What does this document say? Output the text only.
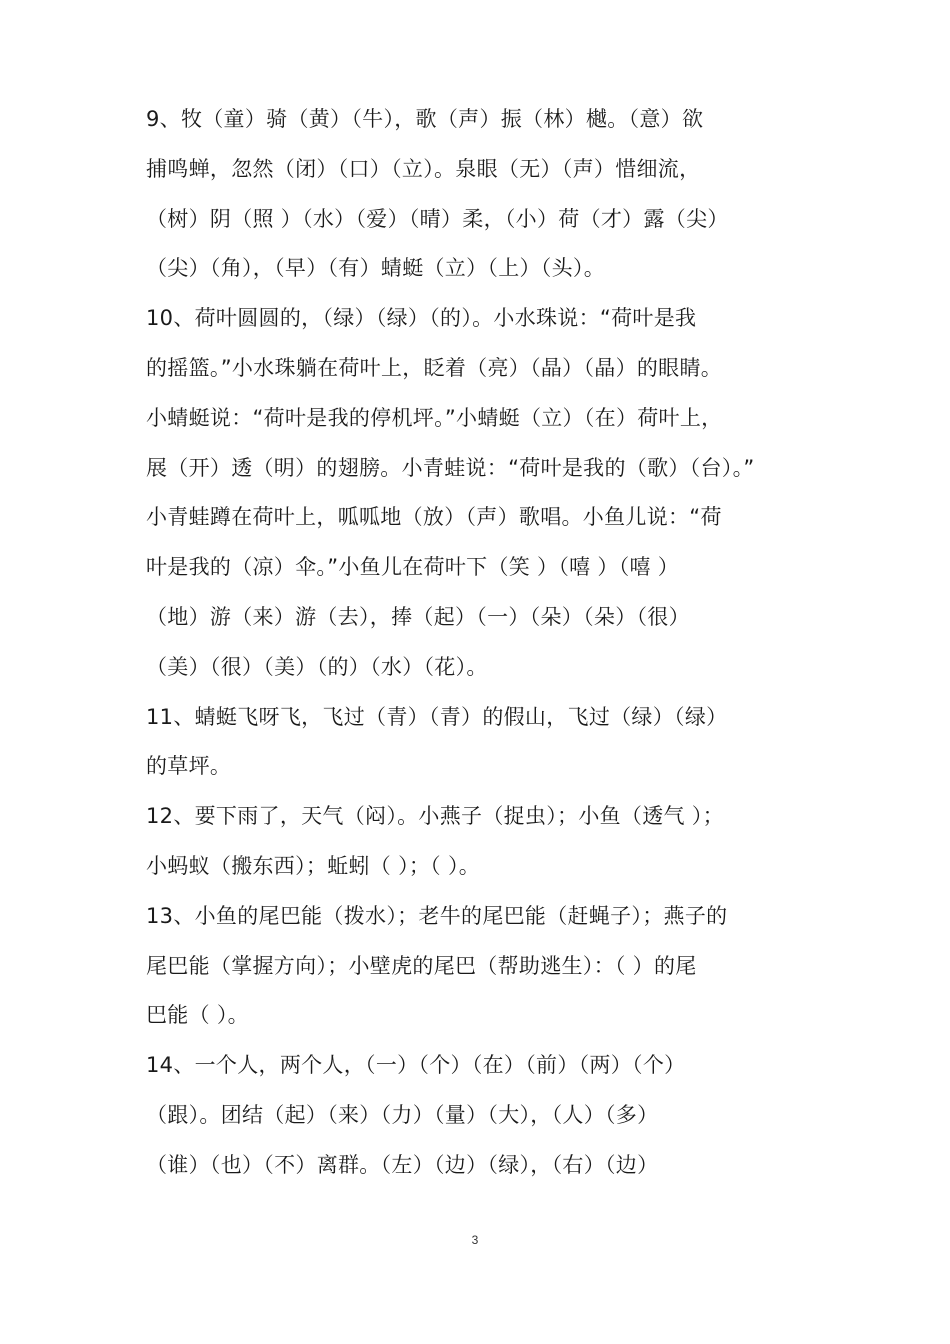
9、牧（童）骑（黄）（牛），歌（声）振（林）樾。（意）欲
捕鸣蝉，忽然（闭）（口）（立）。泉眼（无）（声）惜细流，
（树）阴（照 ）（水）（爱）（晴）柔，（小）荷（才）露（尖）
（尖）（角），（早）（有）蜻蜓（立）（上）（头）。
10、荷叶圆圆的，（绿）（绿）（的）。小水珠说：“荷叶是我
的摇篮。”小水珠躺在荷叶上，眨着（亮）（晶）（晶）的眼睛。
小蜻蜓说：“荷叶是我的停机坪。”小蜻蜓（立）（在）荷叶上，
展（开）透（明）的翅膀。小青蛙说：“荷叶是我的（歌）（台）。”
小青蛙蹲在荷叶上，呱呱地（放）（声）歌唱。小鱼儿说：“荷
叶是我的（凉）伞。”小鱼儿在荷叶下（笑 ）（嘻 ）（嘻 ）
（地）游（来）游（去），捧（起）（一）（朵）（朵）（很）
（美）（很）（美）（的）（水）（花）。
11、蜻蜓飞呀飞，飞过（青）（青）的假山，飞过（绿）（绿）
的草坪。
12、要下雨了，天气（闷）。小燕子（捉虫）；小鱼（透气 ）；
小蚂蚁（搬东西）；蚯蚓（ ）；（ ）。
13、小鱼的尾巴能（拨水）；老牛的尾巴能（赶蝇子）；燕子的
尾巴能（掌握方向）；小壁虎的尾巴（帮助逃生）：（ ）的尾
巴能（ ）。
14、一个人，两个人，（一）（个）（在）（前）（两）（个）
（跟）。团结（起）（来）（力）（量）（大），（人）（多）
（谁）（也）（不）离群。（左）（边）（绿），（右）（边）
3
